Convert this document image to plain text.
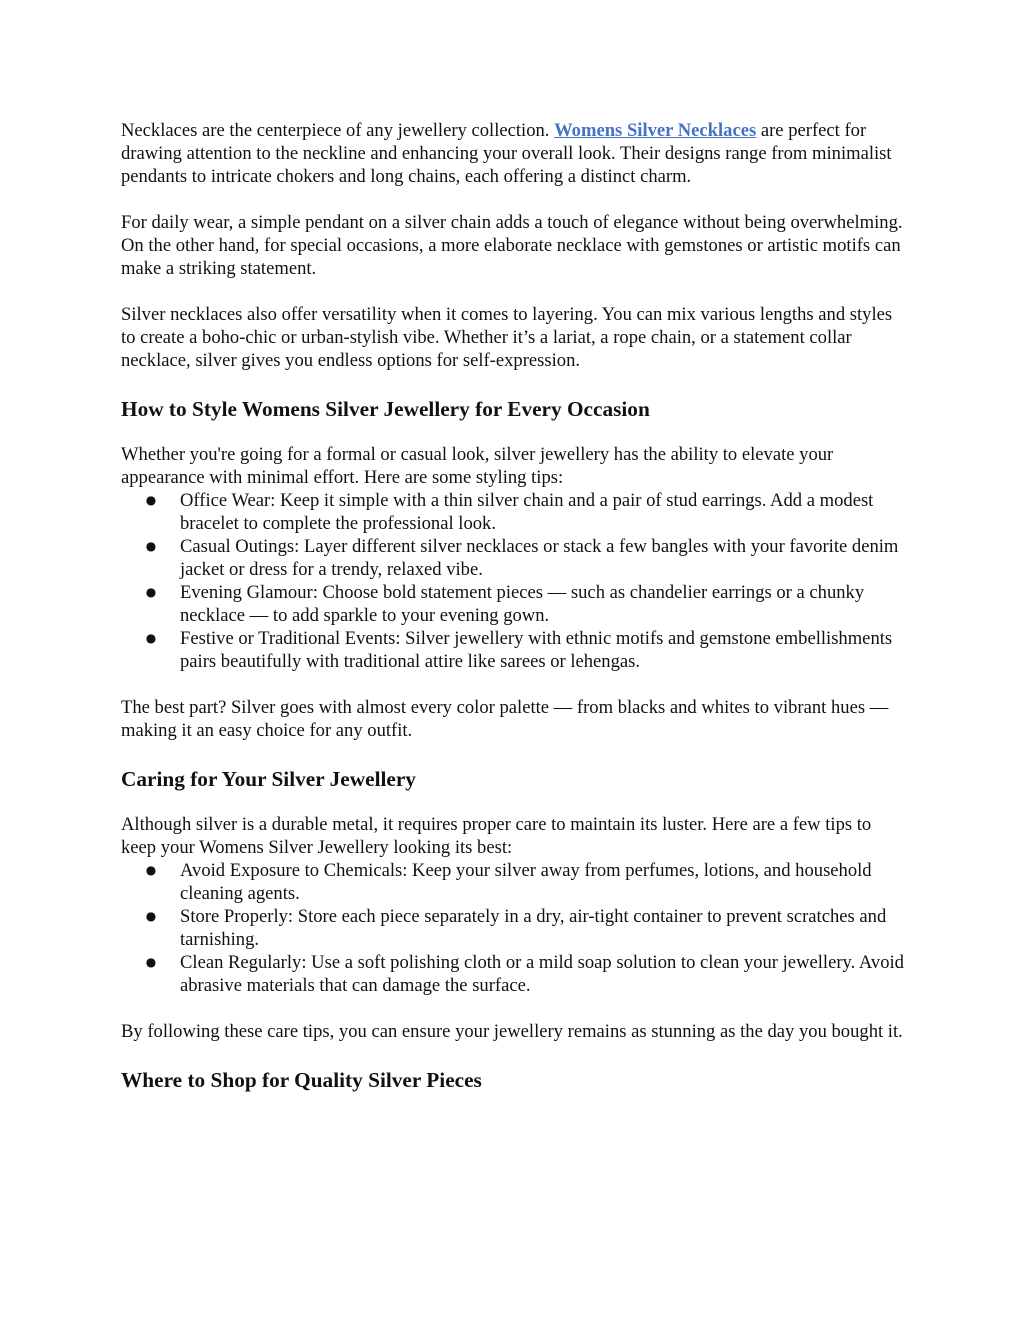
Necklaces are the centerpiece of any jewellery collection. Womens Silver Necklaces are perfect for drawing attention to the neckline and enhancing your overall look. Their designs range from minimalist pendants to intricate chokers and long chains, each offering a distinct charm.

For daily wear, a simple pendant on a silver chain adds a touch of elegance without being overwhelming. On the other hand, for special occasions, a more elaborate necklace with gemstones or artistic motifs can make a striking statement.

Silver necklaces also offer versatility when it comes to layering. You can mix various lengths and styles to create a boho-chic or urban-stylish vibe. Whether it’s a lariat, a rope chain, or a statement collar necklace, silver gives you endless options for self-expression.

How to Style Womens Silver Jewellery for Every Occasion

Whether you're going for a formal or casual look, silver jewellery has the ability to elevate your appearance with minimal effort. Here are some styling tips:

● Office Wear: Keep it simple with a thin silver chain and a pair of stud earrings. Add a modest bracelet to complete the professional look.
● Casual Outings: Layer different silver necklaces or stack a few bangles with your favorite denim jacket or dress for a trendy, relaxed vibe.
● Evening Glamour: Choose bold statement pieces — such as chandelier earrings or a chunky necklace — to add sparkle to your evening gown.
● Festive or Traditional Events: Silver jewellery with ethnic motifs and gemstone embellishments pairs beautifully with traditional attire like sarees or lehengas.

The best part? Silver goes with almost every color palette — from blacks and whites to vibrant hues — making it an easy choice for any outfit.

Caring for Your Silver Jewellery

Although silver is a durable metal, it requires proper care to maintain its luster. Here are a few tips to keep your Womens Silver Jewellery looking its best:

● Avoid Exposure to Chemicals: Keep your silver away from perfumes, lotions, and household cleaning agents.
● Store Properly: Store each piece separately in a dry, air-tight container to prevent scratches and tarnishing.
● Clean Regularly: Use a soft polishing cloth or a mild soap solution to clean your jewellery. Avoid abrasive materials that can damage the surface.

By following these care tips, you can ensure your jewellery remains as stunning as the day you bought it.

Where to Shop for Quality Silver Pieces
